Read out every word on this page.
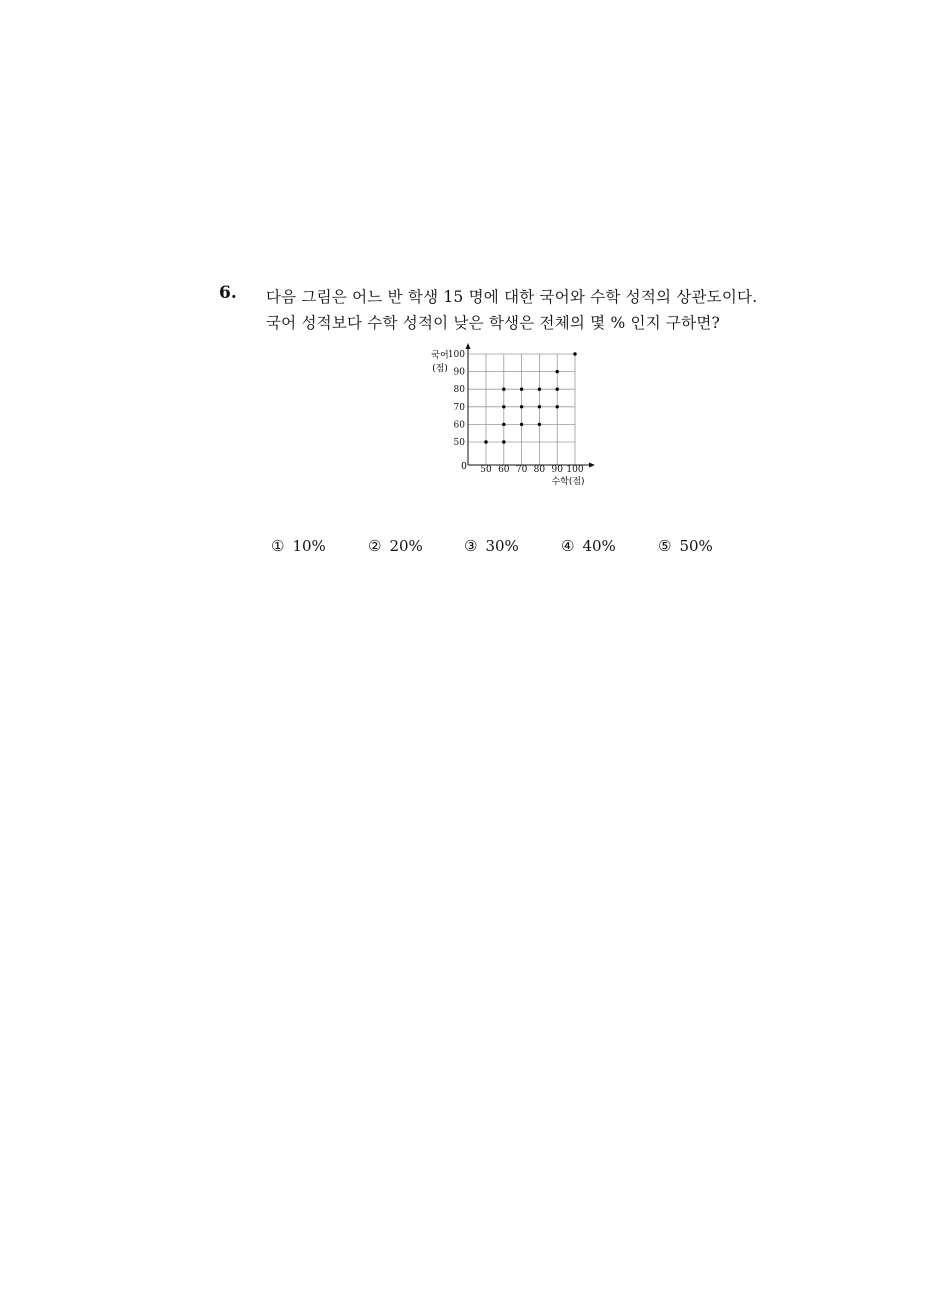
6. 다음 그림은 어느 반 학생 15 명에 대한 국어와 수학 성적의 상관도이다.
국어 성적보다 수학 성적이 낮은 학생은 전체의 몇 % 인지 구하면?
50 60 70 80 90 100
50
60
70
80
90
100
국어
(점)
수학(점)
0
① 10%	② 20%	③ 30%	④ 40%	⑤ 50%
